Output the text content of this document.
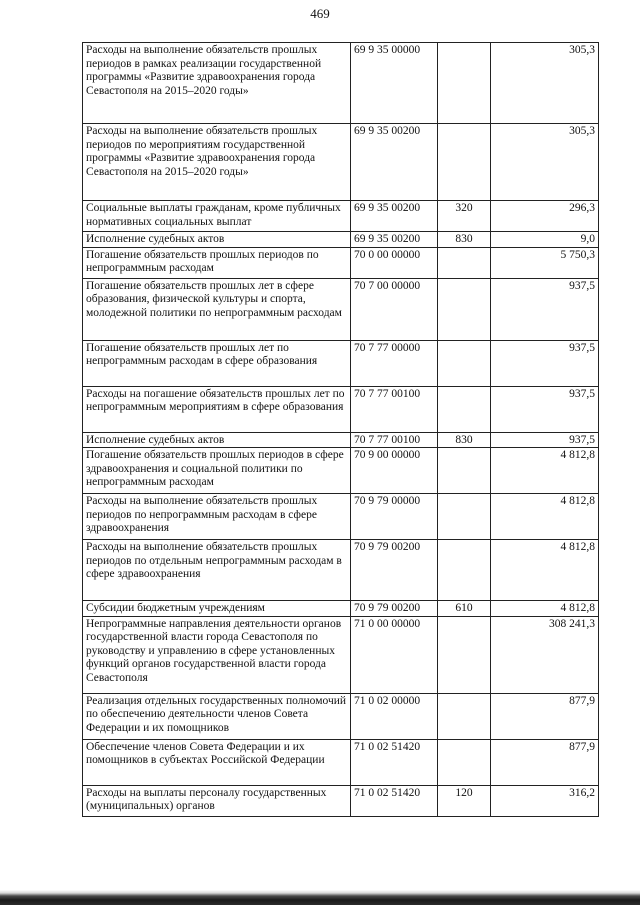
469
Расходы на выполнение обязательств прошлых периодов в рамках реализации государственной программы «Развитие здравоохранения города Севастополя на 2015–2020 годы»	69 9 35 00000		305,3
Расходы на выполнение обязательств прошлых периодов по мероприятиям государственной программы «Развитие здравоохранения города Севастополя на 2015–2020 годы»	69 9 35 00200		305,3
Социальные выплаты гражданам, кроме публичных нормативных социальных выплат	69 9 35 00200	320	296,3
Исполнение судебных актов	69 9 35 00200	830	9,0
Погашение обязательств прошлых периодов по непрограммным расходам	70 0 00 00000		5 750,3
Погашение обязательств прошлых лет в сфере образования, физической культуры и спорта, молодежной политики по непрограммным расходам	70 7 00 00000		937,5
Погашение обязательств прошлых лет по непрограммным расходам в сфере образования	70 7 77 00000		937,5
Расходы на погашение обязательств прошлых лет по непрограммным мероприятиям в сфере образования	70 7 77 00100		937,5
Исполнение судебных актов	70 7 77 00100	830	937,5
Погашение обязательств прошлых периодов в сфере здравоохранения и социальной политики по непрограммным расходам	70 9 00 00000		4 812,8
Расходы на выполнение обязательств прошлых периодов по непрограммным расходам в сфере здравоохранения	70 9 79 00000		4 812,8
Расходы на выполнение обязательств прошлых периодов по отдельным непрограммным расходам в сфере здравоохранения	70 9 79 00200		4 812,8
Субсидии бюджетным учреждениям	70 9 79 00200	610	4 812,8
Непрограммные направления деятельности органов государственной власти города Севастополя по руководству и управлению в сфере установленных функций органов государственной власти города Севастополя	71 0 00 00000		308 241,3
Реализация отдельных государственных полномочий по обеспечению деятельности членов Совета Федерации и их помощников	71 0 02 00000		877,9
Обеспечение членов Совета Федерации и их помощников в субъектах Российской Федерации	71 0 02 51420		877,9
Расходы на выплаты персоналу государственных (муниципальных) органов	71 0 02 51420	120	316,2
